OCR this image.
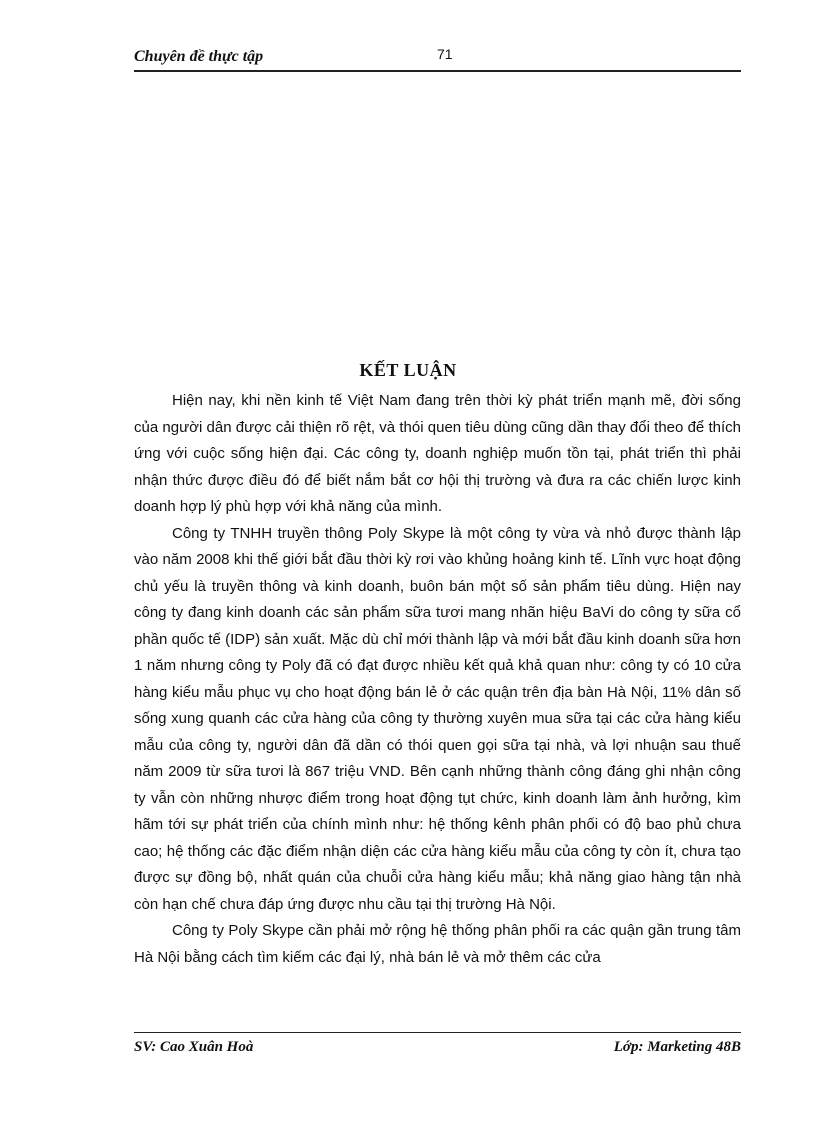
Chuyên đề thực tập	71
KẾT LUẬN

Hiện nay, khi nền kinh tế Việt Nam đang trên thời kỳ phát triển mạnh mẽ, đời sống của người dân được cải thiện rõ rệt, và thói quen tiêu dùng cũng dần thay đổi theo để thích ứng với cuộc sống hiện đại. Các công ty, doanh nghiệp muốn tồn tại, phát triển thì phải nhận thức được điều đó để biết nắm bắt cơ hội thị trường và đưa ra các chiến lược kinh doanh hợp lý phù hợp với khả năng của mình.

Công ty TNHH truyền thông Poly Skype là một công ty vừa và nhỏ được thành lập vào năm 2008 khi thế giới bắt đầu thời kỳ rơi vào khủng hoảng kinh tế. Lĩnh vực hoạt động chủ yếu là truyền thông và kinh doanh, buôn bán một số sản phẩm tiêu dùng. Hiện nay công ty đang kinh doanh các sản phẩm sữa tươi mang nhãn hiệu BaVi do công ty sữa cổ phần quốc tế (IDP) sản xuất. Mặc dù chỉ mới thành lập và mới bắt đầu kinh doanh sữa hơn 1 năm nhưng công ty Poly đã có đạt được nhiều kết quả khả quan như: công ty có 10 cửa hàng kiểu mẫu phục vụ cho hoạt động bán lẻ ở các quận trên địa bàn Hà Nội, 11% dân số sống xung quanh các cửa hàng của công ty thường xuyên mua sữa tại các cửa hàng kiểu mẫu của công ty, người dân đã dần có thói quen gọi sữa tại nhà, và lợi nhuận sau thuế năm 2009 từ sữa tươi là 867 triệu VND. Bên cạnh những thành công đáng ghi nhận công ty vẫn còn những nhược điểm trong hoạt động tụt chức, kinh doanh làm ảnh hưởng, kìm hãm tới sự phát triển của chính mình như: hệ thống kênh phân phối có độ bao phủ chưa cao; hệ thống các đặc điểm nhận diện các cửa hàng kiểu mẫu của công ty còn ít, chưa tạo được sự đồng bộ, nhất quán của chuỗi cửa hàng kiểu mẫu; khả năng giao hàng tận nhà còn hạn chế chưa đáp ứng được nhu cầu tại thị trường Hà Nội.

Công ty Poly Skype cần phải mở rộng hệ thống phân phối ra các quận gần trung tâm Hà Nội bằng cách tìm kiếm các đại lý, nhà bán lẻ và mở thêm các cửa

SV: Cao Xuân Hoà	Lớp: Marketing 48B
